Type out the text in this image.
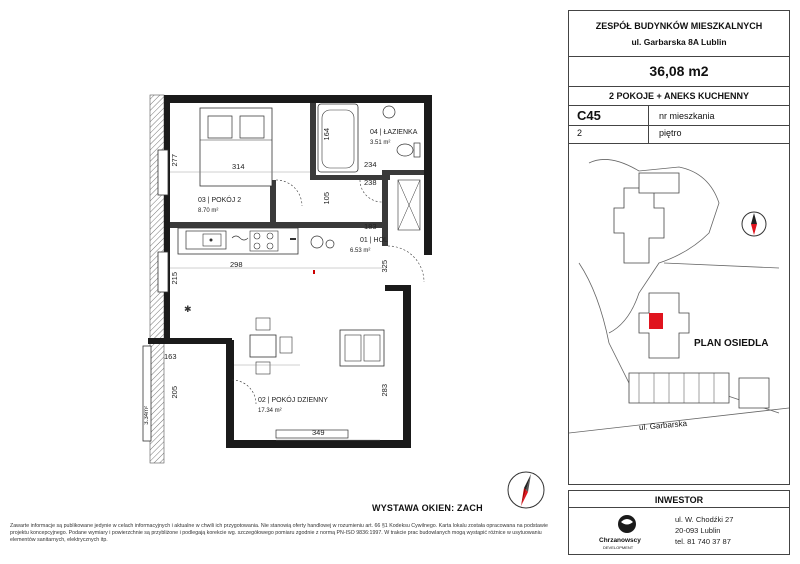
✱
03 | POKÓJ 2
8.70 m²
04 | ŁAZIENKA
3.51 m²
01 | HOL
6.53 m²
02 | POKÓJ DZIENNY
17.34 m²
314
277
164
234
238
105
183
298
215
325
163
205	283
349
3.34m²
WYSTAWA OKIEN: ZACH
ZESPÓŁ BUDYNKÓW MIESZKALNYCH
ul. Garbarska 8A Lublin
36,08 m2
2 POKOJE + ANEKS KUCHENNY
C45	nr mieszkania
2	piętro
PLAN OSIEDLA
ul. Garbarska
INWESTOR
Chrzanowscy
DEVELOPMENT
ul. W. Chodźki 27
20-093 Lublin
tel. 81 740 37 87
Zawarte informacje są publikowane jedynie w celach informacyjnych i aktualne w chwili ich przygotowania. Nie stanowią oferty handlowej w rozumieniu art. 66 §1 Kodeksu Cywilnego. Karta lokalu została opracowana na podstawie projektu koncepcyjnego. Podane wymiary i powierzchnie są przybliżone i podlegają korekcie wg. szczegółowego pomiaru zgodnie z normą PN-ISO 9836:1997. W trakcie prac budowlanych mogą wystąpić różnice w usytuowaniu elementów sanitarnych, elektrycznych itp.
